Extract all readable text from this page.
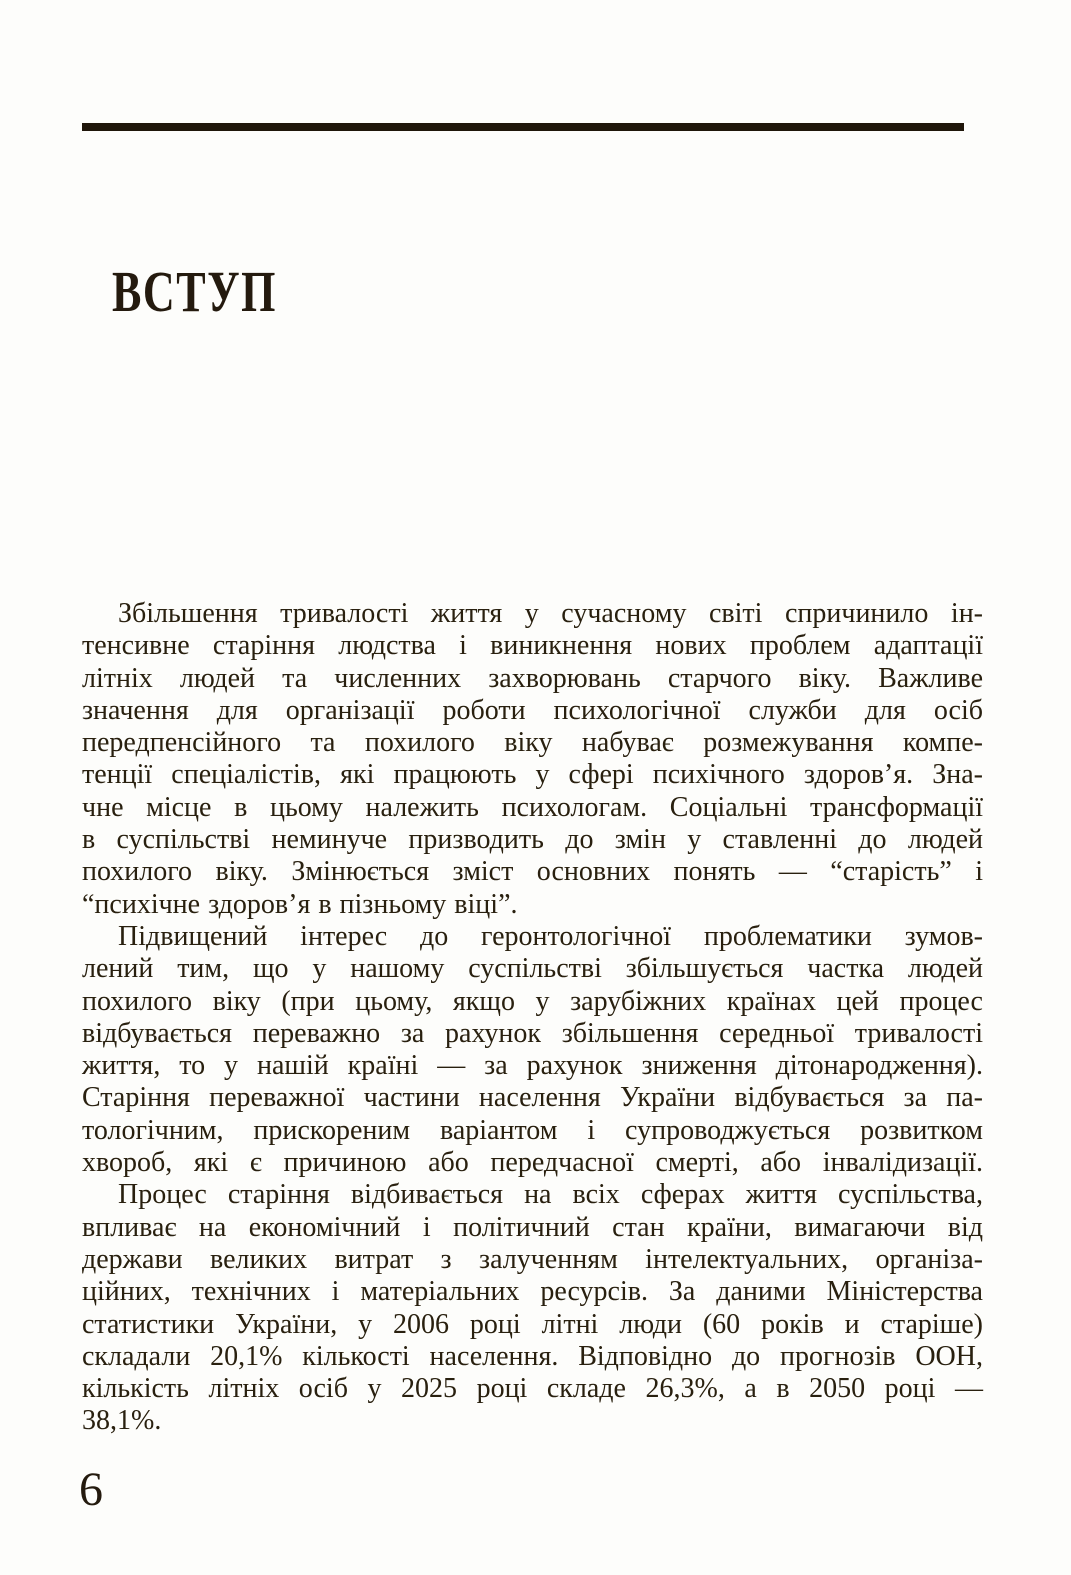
ВСТУП
Збільшення тривалості життя у сучасному світі спричинило ін-
тенсивне старіння людства і виникнення нових проблем адаптації
літніх людей та численних захворювань старчого віку. Важливе
значення для організації роботи психологічної служби для осіб
передпенсійного та похилого віку набуває розмежування компе-
тенції спеціалістів, які працюють у сфері психічного здоров’я. Зна-
чне місце в цьому належить психологам. Соціальні трансформації
в суспільстві неминуче призводить до змін у ставленні до людей
похилого віку. Змінюється зміст основних понять — “старість” і
“психічне здоров’я в пізньому віці”.
Підвищений інтерес до геронтологічної проблематики зумов-
лений тим, що у нашому суспільстві збільшується частка людей
похилого віку (при цьому, якщо у зарубіжних країнах цей процес
відбувається переважно за рахунок збільшення середньої тривалості
життя, то у нашій країні — за рахунок зниження дітонародження).
Старіння переважної частини населення України відбувається за па-
тологічним, прискореним варіантом і супроводжується розвитком
хвороб, які є причиною або передчасної смерті, або інвалідизації.
Процес старіння відбивається на всіх сферах життя суспільства,
впливає на економічний і політичний стан країни, вимагаючи від
держави великих витрат з залученням інтелектуальних, організа-
ційних, технічних і матеріальних ресурсів. За даними Міністерства
статистики України, у 2006 році літні люди (60 років и старіше)
складали 20,1% кількості населення. Відповідно до прогнозів ООН,
кількість літніх осіб у 2025 році складе 26,3%, а в 2050 році —
38,1%.
6
